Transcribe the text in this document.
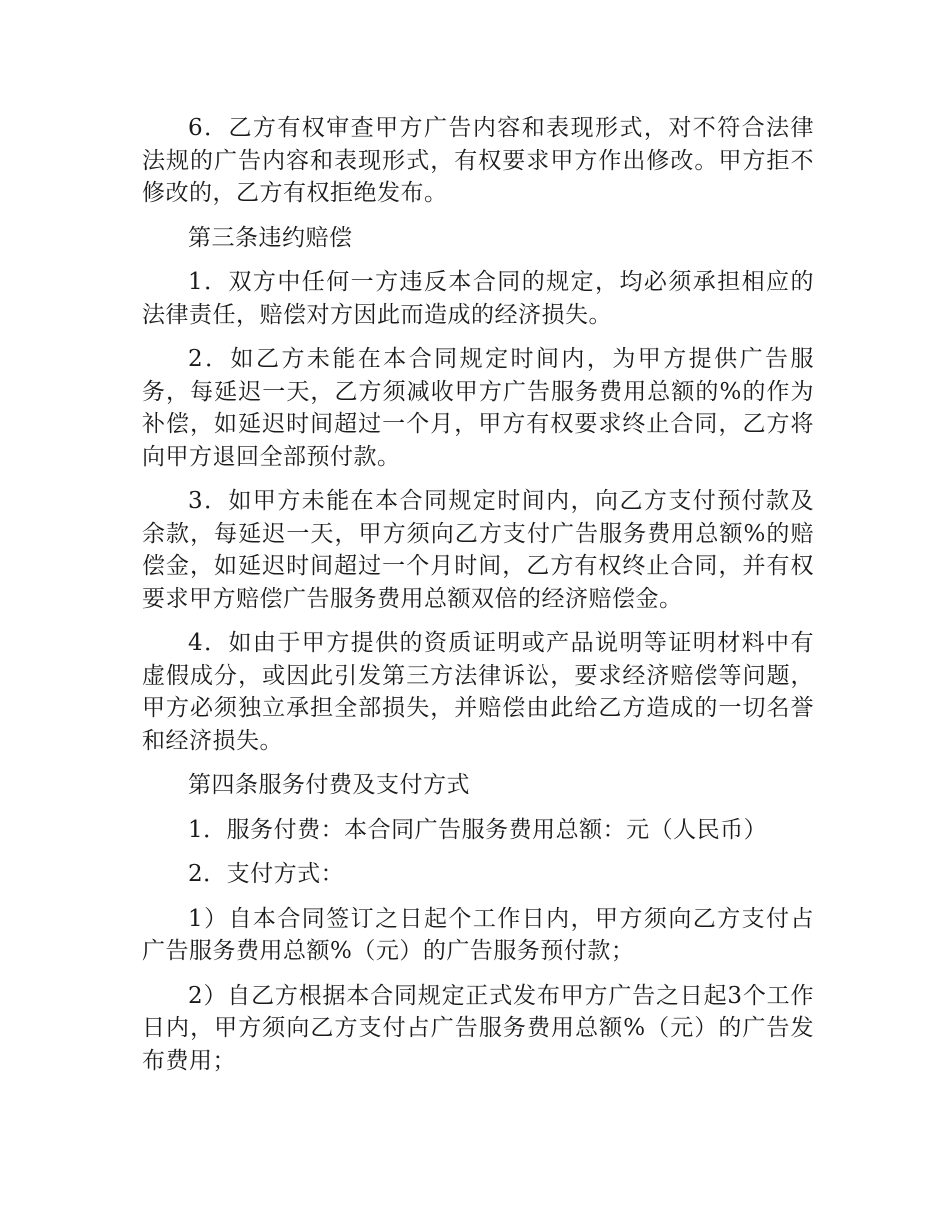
6．乙方有权审查甲方广告内容和表现形式，对不符合法律法规的广告内容和表现形式，有权要求甲方作出修改。甲方拒不修改的，乙方有权拒绝发布。

第三条违约赔偿

1．双方中任何一方违反本合同的规定，均必须承担相应的法律责任，赔偿对方因此而造成的经济损失。

2．如乙方未能在本合同规定时间内，为甲方提供广告服务，每延迟一天，乙方须减收甲方广告服务费用总额的%的作为补偿，如延迟时间超过一个月，甲方有权要求终止合同，乙方将向甲方退回全部预付款。

3．如甲方未能在本合同规定时间内，向乙方支付预付款及余款，每延迟一天，甲方须向乙方支付广告服务费用总额%的赔偿金，如延迟时间超过一个月时间，乙方有权终止合同，并有权要求甲方赔偿广告服务费用总额双倍的经济赔偿金。

4．如由于甲方提供的资质证明或产品说明等证明材料中有虚假成分，或因此引发第三方法律诉讼，要求经济赔偿等问题，甲方必须独立承担全部损失，并赔偿由此给乙方造成的一切名誉和经济损失。

第四条服务付费及支付方式

1．服务付费：本合同广告服务费用总额：元（人民币）

2．支付方式：

1）自本合同签订之日起个工作日内，甲方须向乙方支付占广告服务费用总额%（元）的广告服务预付款；

2）自乙方根据本合同规定正式发布甲方广告之日起3个工作日内，甲方须向乙方支付占广告服务费用总额%（元）的广告发布费用；
